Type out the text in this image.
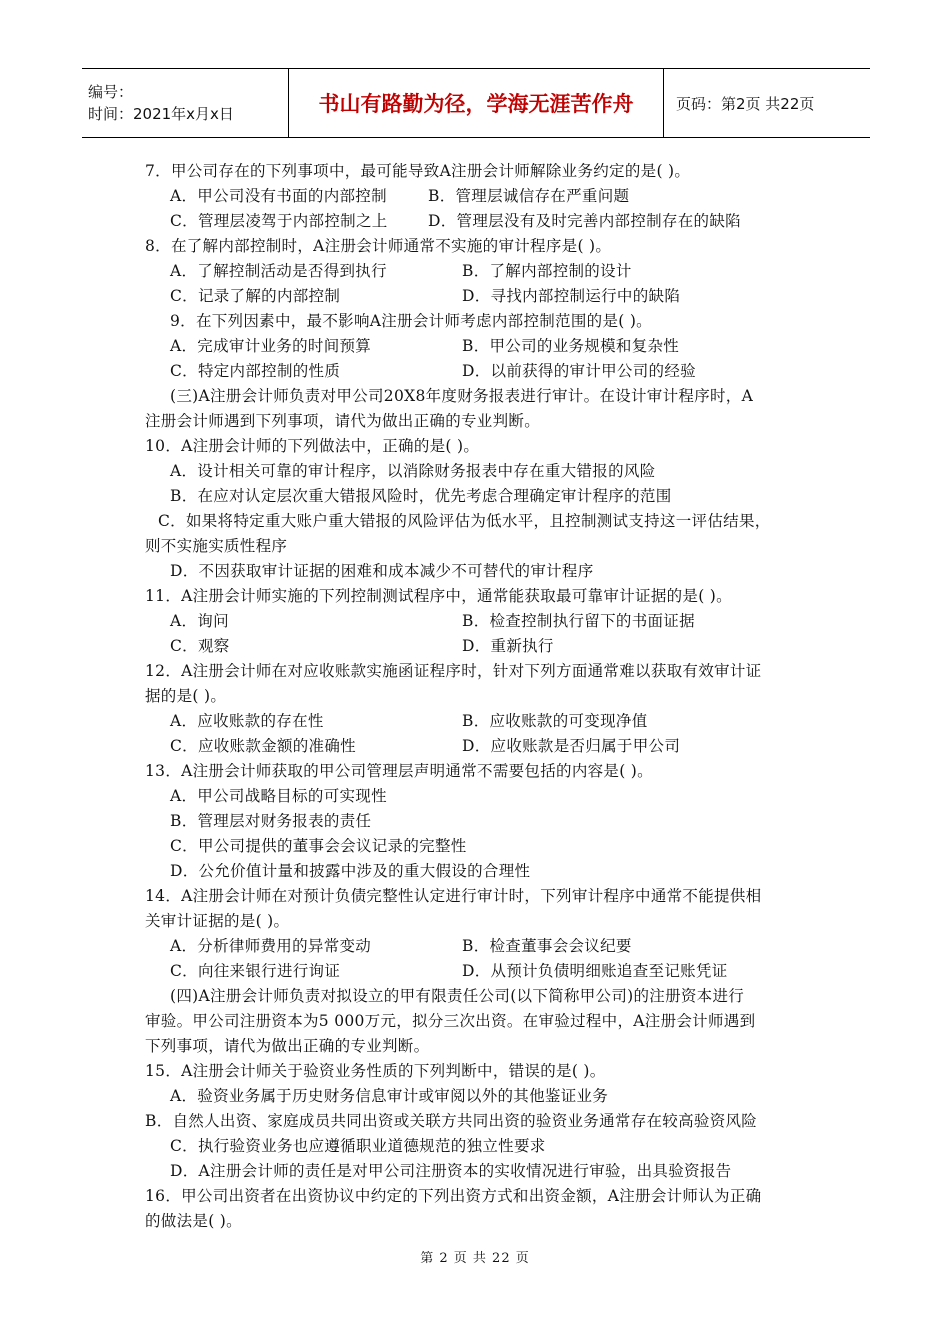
编号：
时间：2021年x月x日	书山有路勤为径，学海无涯苦作舟	页码：第2页 共22页
7．甲公司存在的下列事项中，最可能导致A注册会计师解除业务约定的是( )。
A．甲公司没有书面的内部控制	B．管理层诚信存在严重问题
C．管理层凌驾于内部控制之上	D．管理层没有及时完善内部控制存在的缺陷
8．在了解内部控制时，A注册会计师通常不实施的审计程序是( )。
A．了解控制活动是否得到执行	B．了解内部控制的设计
C．记录了解的内部控制	D．寻找内部控制运行中的缺陷
9．在下列因素中，最不影响A注册会计师考虑内部控制范围的是( )。
A．完成审计业务的时间预算	B．甲公司的业务规模和复杂性
C．特定内部控制的性质	D．以前获得的审计甲公司的经验
(三)A注册会计师负责对甲公司20X8年度财务报表进行审计。在设计审计程序时，A
注册会计师遇到下列事项，请代为做出正确的专业判断。
10．A注册会计师的下列做法中，正确的是( )。
A．设计相关可靠的审计程序，以消除财务报表中存在重大错报的风险
B．在应对认定层次重大错报风险时，优先考虑合理确定审计程序的范围
C．如果将特定重大账户重大错报的风险评估为低水平，且控制测试支持这一评估结果，
则不实施实质性程序
D．不因获取审计证据的困难和成本减少不可替代的审计程序
11．A注册会计师实施的下列控制测试程序中，通常能获取最可靠审计证据的是( )。
A．询问	B．检查控制执行留下的书面证据
C．观察	D．重新执行
12．A注册会计师在对应收账款实施函证程序时，针对下列方面通常难以获取有效审计证
据的是( )。
A．应收账款的存在性	B．应收账款的可变现净值
C．应收账款金额的准确性	D．应收账款是否归属于甲公司
13．A注册会计师获取的甲公司管理层声明通常不需要包括的内容是( )。
A．甲公司战略目标的可实现性
B．管理层对财务报表的责任
C．甲公司提供的董事会会议记录的完整性
D．公允价值计量和披露中涉及的重大假设的合理性
14．A注册会计师在对预计负债完整性认定进行审计时，下列审计程序中通常不能提供相
关审计证据的是( )。
A．分析律师费用的异常变动	B．检查董事会会议纪要
C．向往来银行进行询证	D．从预计负债明细账追查至记账凭证
(四)A注册会计师负责对拟设立的甲有限责任公司(以下简称甲公司)的注册资本进行
审验。甲公司注册资本为5 000万元，拟分三次出资。在审验过程中，A注册会计师遇到
下列事项，请代为做出正确的专业判断。
15．A注册会计师关于验资业务性质的下列判断中，错误的是( )。
A．验资业务属于历史财务信息审计或审阅以外的其他鉴证业务
B．自然人出资、家庭成员共同出资或关联方共同出资的验资业务通常存在较高验资风险
C．执行验资业务也应遵循职业道德规范的独立性要求
D．A注册会计师的责任是对甲公司注册资本的实收情况进行审验，出具验资报告
16．甲公司出资者在出资协议中约定的下列出资方式和出资金额，A注册会计师认为正确
的做法是( )。
第 2 页 共 22 页
